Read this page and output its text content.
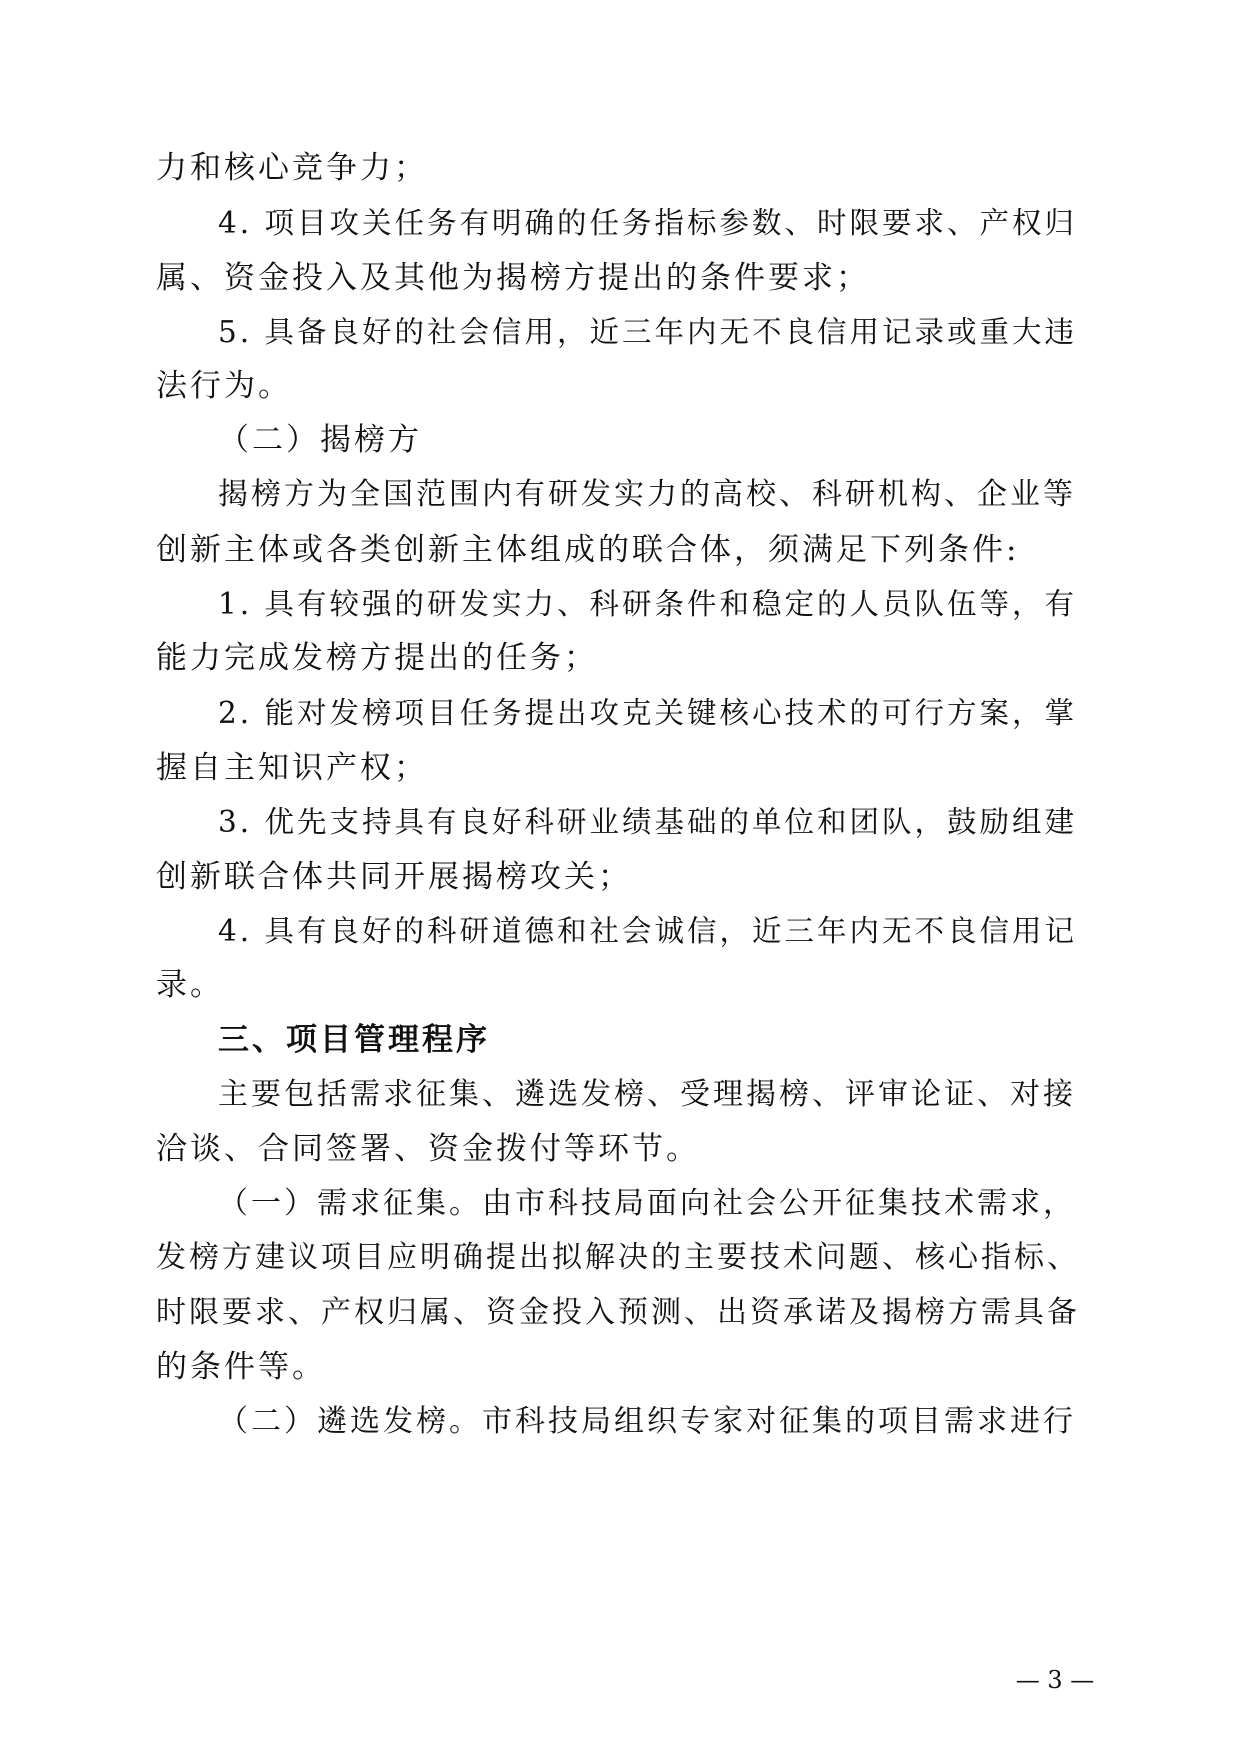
力和核心竞争力；
4. 项目攻关任务有明确的任务指标参数、时限要求、产权归
属、资金投入及其他为揭榜方提出的条件要求；
5. 具备良好的社会信用，近三年内无不良信用记录或重大违
法行为。
（二）揭榜方
揭榜方为全国范围内有研发实力的高校、科研机构、企业等
创新主体或各类创新主体组成的联合体，须满足下列条件:
1. 具有较强的研发实力、科研条件和稳定的人员队伍等，有
能力完成发榜方提出的任务；
2. 能对发榜项目任务提出攻克关键核心技术的可行方案，掌
握自主知识产权；
3. 优先支持具有良好科研业绩基础的单位和团队，鼓励组建
创新联合体共同开展揭榜攻关；
4. 具有良好的科研道德和社会诚信，近三年内无不良信用记
录。
三、项目管理程序
主要包括需求征集、遴选发榜、受理揭榜、评审论证、对接
洽谈、合同签署、资金拨付等环节。
（一）需求征集。由市科技局面向社会公开征集技术需求，
发榜方建议项目应明确提出拟解决的主要技术问题、核心指标、
时限要求、产权归属、资金投入预测、出资承诺及揭榜方需具备
的条件等。
（二）遴选发榜。市科技局组织专家对征集的项目需求进行
— 3 —
